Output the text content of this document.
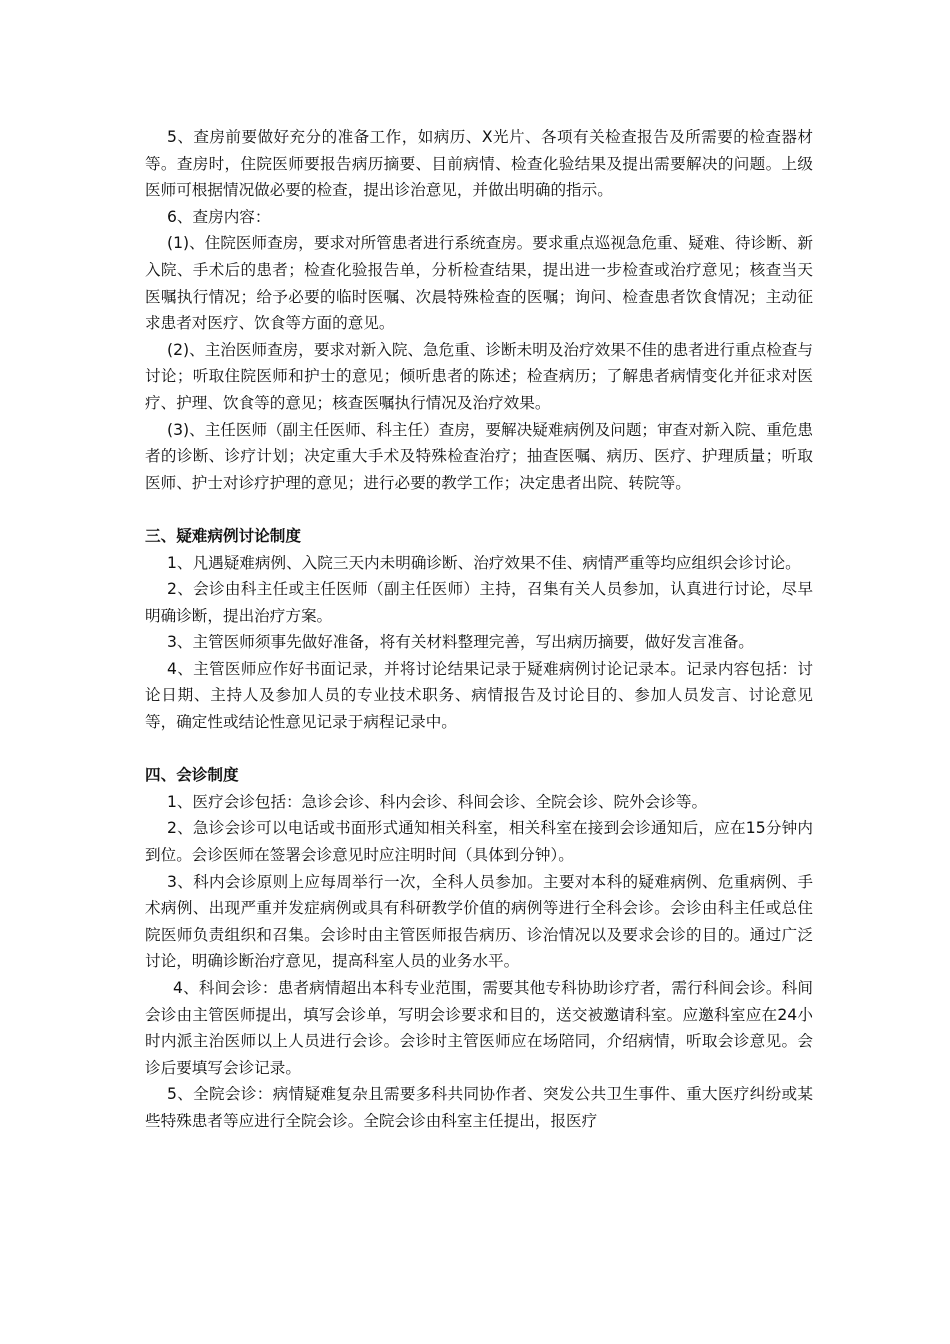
5、查房前要做好充分的准备工作，如病历、X光片、各项有关检查报告及所需要的检查器材等。查房时，住院医师要报告病历摘要、目前病情、检查化验结果及提出需要解决的问题。上级医师可根据情况做必要的检查，提出诊治意见，并做出明确的指示。

6、查房内容：

(1)、住院医师查房，要求对所管患者进行系统查房。要求重点巡视急危重、疑难、待诊断、新入院、手术后的患者；检查化验报告单，分析检查结果，提出进一步检查或治疗意见；核查当天医嘱执行情况；给予必要的临时医嘱、次晨特殊检查的医嘱；询问、检查患者饮食情况；主动征求患者对医疗、饮食等方面的意见。

(2)、主治医师查房，要求对新入院、急危重、诊断未明及治疗效果不佳的患者进行重点检查与讨论；听取住院医师和护士的意见；倾听患者的陈述；检查病历；了解患者病情变化并征求对医疗、护理、饮食等的意见；核查医嘱执行情况及治疗效果。

(3)、主任医师（副主任医师、科主任）查房，要解决疑难病例及问题；审查对新入院、重危患者的诊断、诊疗计划；决定重大手术及特殊检查治疗；抽查医嘱、病历、医疗、护理质量；听取医师、护士对诊疗护理的意见；进行必要的教学工作；决定患者出院、转院等。

三、疑难病例讨论制度

1、凡遇疑难病例、入院三天内未明确诊断、治疗效果不佳、病情严重等均应组织会诊讨论。

2、会诊由科主任或主任医师（副主任医师）主持，召集有关人员参加，认真进行讨论，尽早明确诊断，提出治疗方案。

3、主管医师须事先做好准备，将有关材料整理完善，写出病历摘要，做好发言准备。

4、主管医师应作好书面记录，并将讨论结果记录于疑难病例讨论记录本。记录内容包括：讨论日期、主持人及参加人员的专业技术职务、病情报告及讨论目的、参加人员发言、讨论意见等，确定性或结论性意见记录于病程记录中。

四、会诊制度

1、医疗会诊包括：急诊会诊、科内会诊、科间会诊、全院会诊、院外会诊等。

2、急诊会诊可以电话或书面形式通知相关科室，相关科室在接到会诊通知后，应在15分钟内到位。会诊医师在签署会诊意见时应注明时间（具体到分钟）。

3、科内会诊原则上应每周举行一次，全科人员参加。主要对本科的疑难病例、危重病例、手术病例、出现严重并发症病例或具有科研教学价值的病例等进行全科会诊。会诊由科主任或总住院医师负责组织和召集。会诊时由主管医师报告病历、诊治情况以及要求会诊的目的。通过广泛讨论，明确诊断治疗意见，提高科室人员的业务水平。

4、科间会诊：患者病情超出本科专业范围，需要其他专科协助诊疗者，需行科间会诊。科间会诊由主管医师提出，填写会诊单，写明会诊要求和目的，送交被邀请科室。应邀科室应在24小时内派主治医师以上人员进行会诊。会诊时主管医师应在场陪同，介绍病情，听取会诊意见。会诊后要填写会诊记录。

5、全院会诊：病情疑难复杂且需要多科共同协作者、突发公共卫生事件、重大医疗纠纷或某些特殊患者等应进行全院会诊。全院会诊由科室主任提出，报医疗
